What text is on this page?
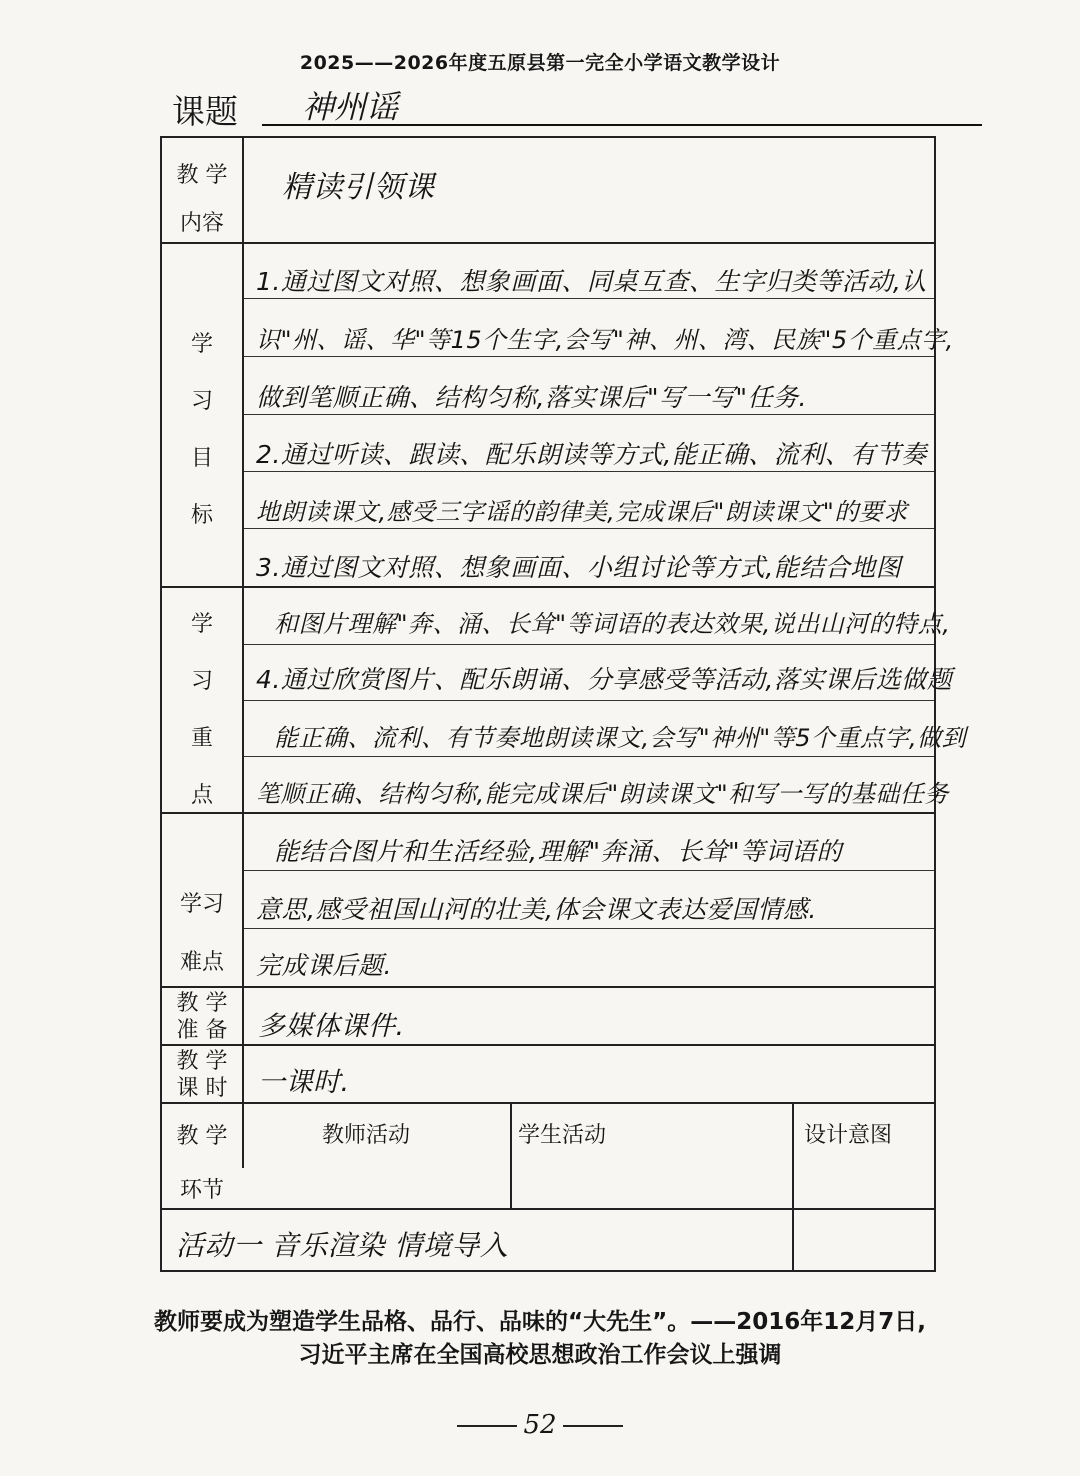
2025——2026年度五原县第一完全小学语文教学设计
课题 神州谣
教 学
内容
学
习
目
标
学
习
重
点
学习
难点
教 学
准 备
教 学
课 时
教 学
环节
精读引领课
1.通过图文对照、想象画面、同桌互查、生字归类等活动,认
识"州、谣、华"等15个生字,会写"神、州、湾、民族"5个重点字,
做到笔顺正确、结构匀称,落实课后"写一写"任务.
2.通过听读、跟读、配乐朗读等方式,能正确、流利、有节奏
地朗读课文,感受三字谣的韵律美,完成课后"朗读课文"的要求
3.通过图文对照、想象画面、小组讨论等方式,能结合地图
和图片理解"奔、涌、长耸"等词语的表达效果,说出山河的特点,
4.通过欣赏图片、配乐朗诵、分享感受等活动,落实课后选做题
能正确、流利、有节奏地朗读课文,会写"神州"等5个重点字,做到
笔顺正确、结构匀称,能完成课后"朗读课文"和写一写的基础任务
能结合图片和生活经验,理解"奔涌、长耸"等词语的
意思,感受祖国山河的壮美,体会课文表达爱国情感.
完成课后题.
多媒体课件.
一课时.
教师活动	学生活动	设计意图
活动一 音乐渲染 情境导入
教师要成为塑造学生品格、品行、品味的“大先生”。——2016年12月7日,
习近平主席在全国高校思想政治工作会议上强调
52
